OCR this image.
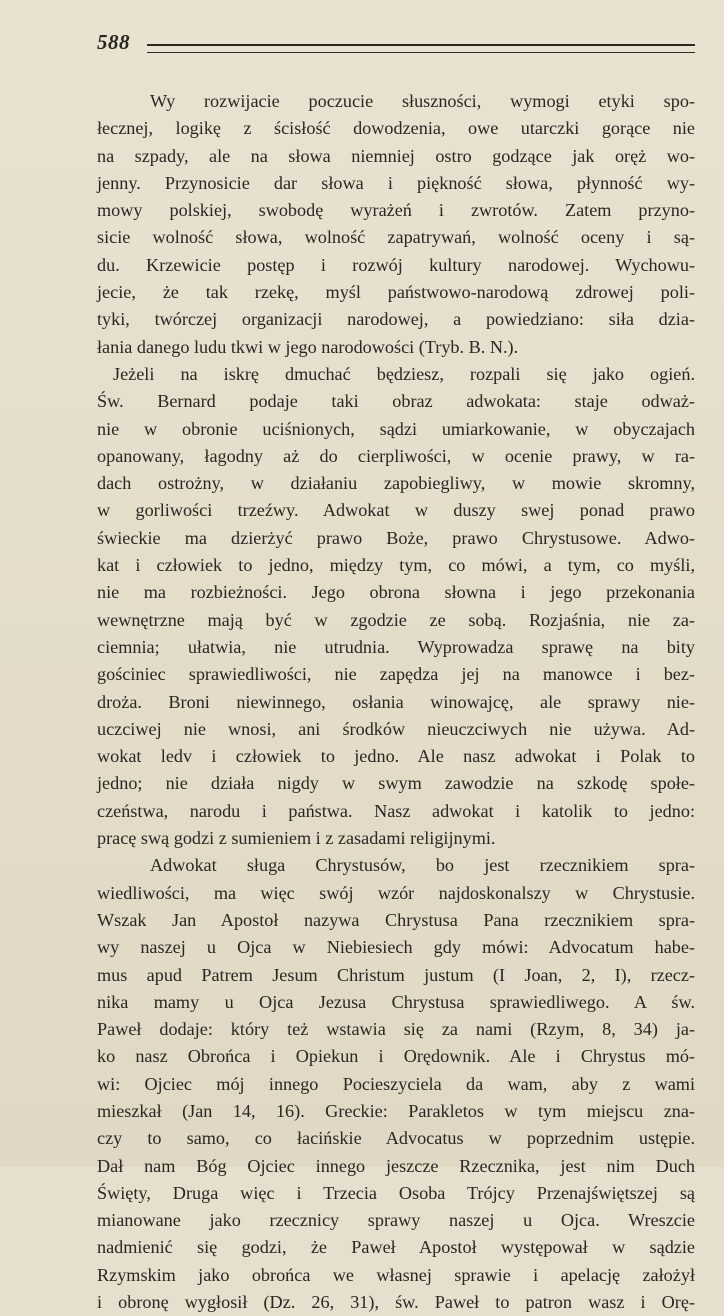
588
Wy rozwijacie poczucie słuszności, wymogi etyki spo-
łecznej, logikę z ścisłość dowodzenia, owe utarczki gorące nie
na szpady, ale na słowa niemniej ostro godzące jak oręż wo-
jenny. Przynosicie dar słowa i piękność słowa, płynność wy-
mowy polskiej, swobodę wyrażeń i zwrotów. Zatem przyno-
sicie wolność słowa, wolność zapatrywań, wolność oceny i są-
du. Krzewicie postęp i rozwój kultury narodowej. Wychowu-
jecie, że tak rzekę, myśl państwowo-narodową zdrowej poli-
tyki, twórczej organizacji narodowej, a powiedziano: siła dzia-
łania danego ludu tkwi w jego narodowości (Tryb. B. N.).
Jeżeli na iskrę dmuchać będziesz, rozpali się jako ogień.
Św. Bernard podaje taki obraz adwokata: staje odważ-
nie w obronie uciśnionych, sądzi umiarkowanie, w obyczajach
opanowany, łagodny aż do cierpliwości, w ocenie prawy, w ra-
dach ostrożny, w działaniu zapobiegliwy, w mowie skromny,
w gorliwości trzeźwy. Adwokat w duszy swej ponad prawo
świeckie ma dzierżyć prawo Boże, prawo Chrystusowe. Adwo-
kat i człowiek to jedno, między tym, co mówi, a tym, co myśli,
nie ma rozbieżności. Jego obrona słowna i jego przekonania
wewnętrzne mają być w zgodzie ze sobą. Rozjaśnia, nie za-
ciemnia; ułatwia, nie utrudnia. Wyprowadza sprawę na bity
gościniec sprawiedliwości, nie zapędza jej na manowce i bez-
droża. Broni niewinnego, osłania winowajcę, ale sprawy nie-
uczciwej nie wnosi, ani środków nieuczciwych nie używa. Ad-
wokat ledv i człowiek to jedno. Ale nasz adwokat i Polak to
jedno; nie działa nigdy w swym zawodzie na szkodę społe-
czeństwa, narodu i państwa. Nasz adwokat i katolik to jedno:
pracę swą godzi z sumieniem i z zasadami religijnymi.
Adwokat sługa Chrystusów, bo jest rzecznikiem spra-
wiedliwości, ma więc swój wzór najdoskonalszy w Chrystusie.
Wszak Jan Apostoł nazywa Chrystusa Pana rzecznikiem spra-
wy naszej u Ojca w Niebiesiech gdy mówi: Advocatum habe-
mus apud Patrem Jesum Christum justum (I Joan, 2, I), rzecz-
nika mamy u Ojca Jezusa Chrystusa sprawiedliwego. A św.
Paweł dodaje: który też wstawia się za nami (Rzym, 8, 34) ja-
ko nasz Obrońca i Opiekun i Orędownik. Ale i Chrystus mó-
wi: Ojciec mój innego Pocieszyciela da wam, aby z wami
mieszkał (Jan 14, 16). Greckie: Parakletos w tym miejscu zna-
czy to samo, co łacińskie Advocatus w poprzednim ustępie.
Dał nam Bóg Ojciec innego jeszcze Rzecznika, jest nim Duch
Święty, Druga więc i Trzecia Osoba Trójcy Przenajświętszej są
mianowane jako rzecznicy sprawy naszej u Ojca. Wreszcie
nadmienić się godzi, że Paweł Apostoł występował w sądzie
Rzymskim jako obrońca we własnej sprawie i apelację założył
i obronę wygłosił (Dz. 26, 31), św. Paweł to patron wasz i Orę-
